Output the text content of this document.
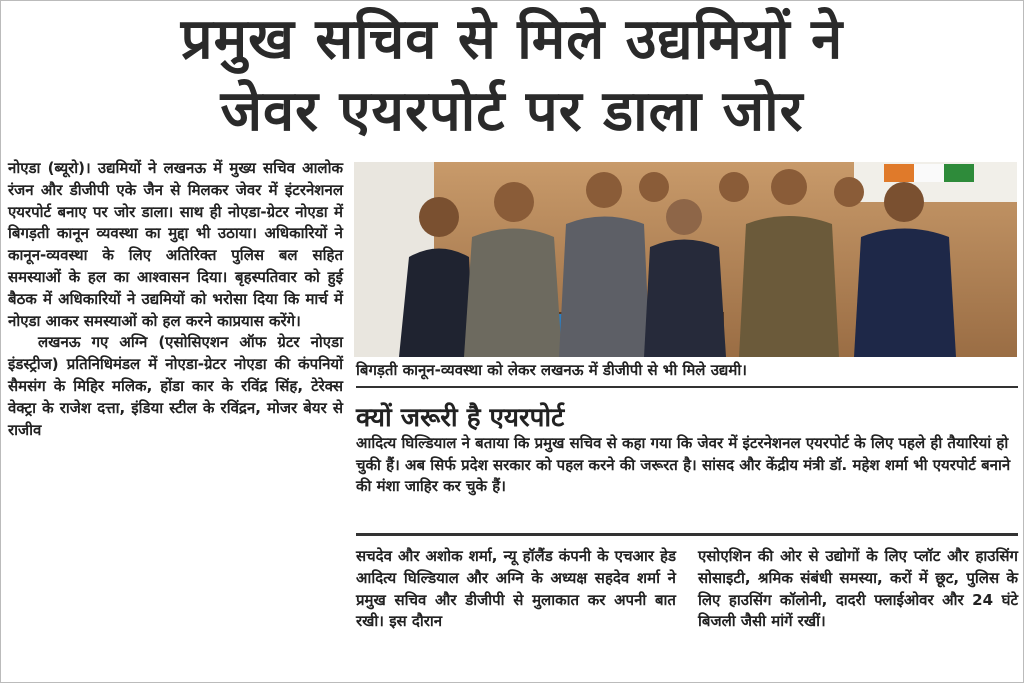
प्रमुख सचिव से मिले उद्यमियों ने
जेवर एयरपोर्ट पर डाला जोर

नोएडा (ब्यूरो)। उद्यमियों ने लखनऊ में मुख्य सचिव आलोक रंजन और डीजीपी एके जैन से मिलकर जेवर में इंटरनेशनल एयरपोर्ट बनाए पर जोर डाला। साथ ही नोएडा-ग्रेटर नोएडा में बिगड़ती कानून व्यवस्था का मुद्दा भी उठाया। अधिकारियों ने कानून-व्यवस्था के लिए अतिरिक्त पुलिस बल सहित समस्याओं के हल का आश्वासन दिया। बृहस्पतिवार को हुई बैठक में अधिकारियों ने उद्यमियों को भरोसा दिया कि मार्च में नोएडा आकर समस्याओं को हल करने काप्रयास करेंगे।

लखनऊ गए अग्नि (एसोसिएशन ऑफ ग्रेटर नोएडा इंडस्ट्रीज) प्रतिनिधिमंडल में नोएडा-ग्रेटर नोएडा की कंपनियों सैमसंग के मिहिर मलिक, होंडा कार के रविंद्र सिंह, टेरेक्स वेक्ट्रा के राजेश दत्ता, इंडिया स्टील के रविंद्रन, मोजर बेयर से राजीव

बिगड़ती कानून-व्यवस्था को लेकर लखनऊ में डीजीपी से भी मिले उद्यमी।
क्यों जरूरी है एयरपोर्ट
आदित्य घिल्डियाल ने बताया कि प्रमुख सचिव से कहा गया कि जेवर में इंटरनेशनल एयरपोर्ट के लिए पहले ही तैयारियां हो चुकी हैं। अब सिर्फ प्रदेश सरकार को पहल करने की जरूरत है। सांसद और केंद्रीय मंत्री डॉ. महेश शर्मा भी एयरपोर्ट बनाने की मंशा जाहिर कर चुके हैं।
सचदेव और अशोक शर्मा, न्यू हॉलैंड कंपनी के एचआर हेड आदित्य घिल्डियाल और अग्नि के अध्यक्ष सहदेव शर्मा ने प्रमुख सचिव और डीजीपी से मुलाकात कर अपनी बात रखी। इस दौरान
एसोएशिन की ओर से उद्योगों के लिए प्लॉट और हाउसिंग सोसाइटी, श्रमिक संबंधी समस्या, करों में छूट, पुलिस के लिए हाउसिंग कॉलोनी, दादरी फ्लाईओवर और 24 घंटे बिजली जैसी मांगें रखीं।
